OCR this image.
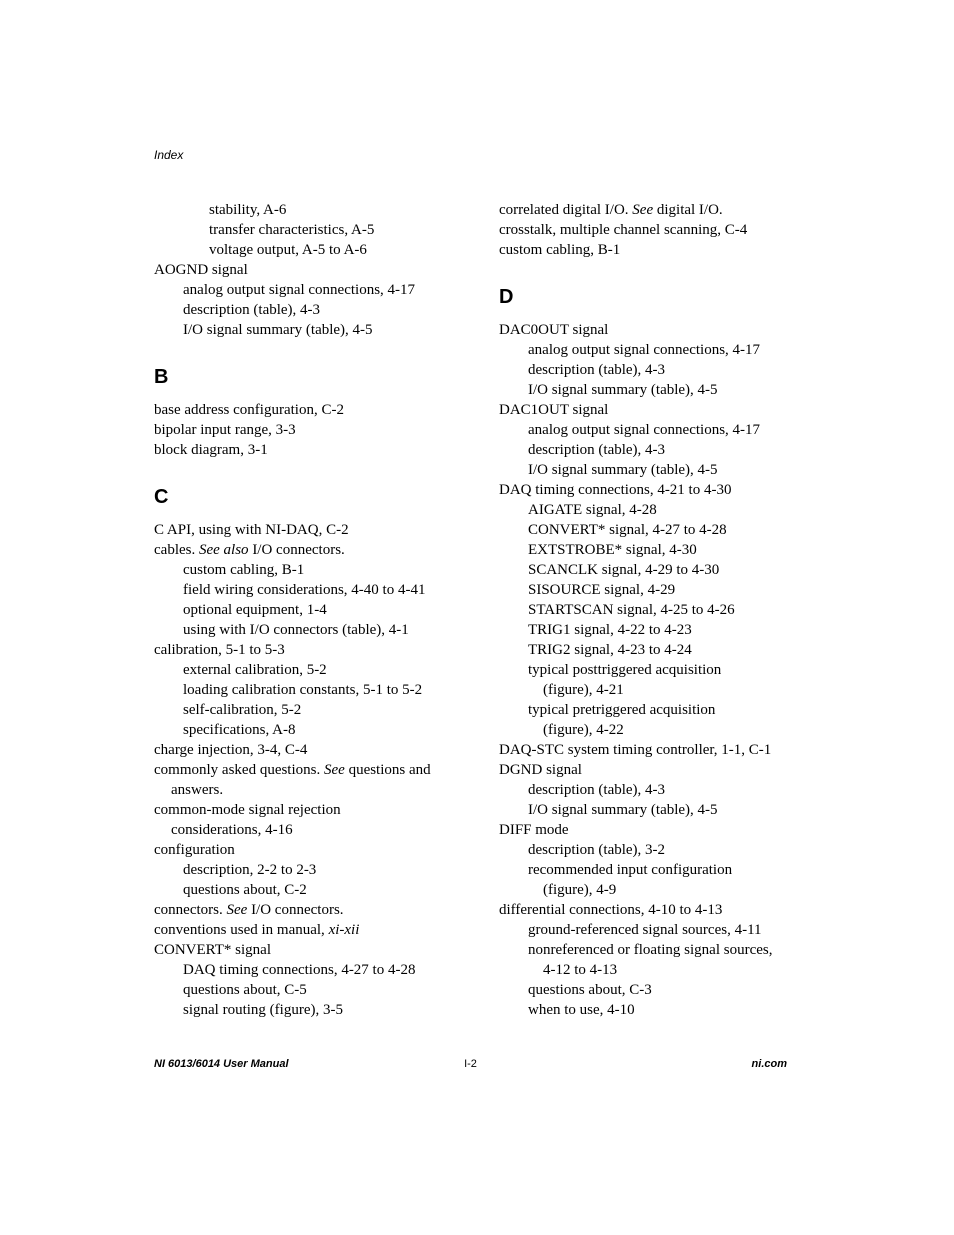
Index
stability, A-6
transfer characteristics, A-5
voltage output, A-5 to A-6
AOGND signal
analog output signal connections, 4-17
description (table), 4-3
I/O signal summary (table), 4-5
B
base address configuration, C-2
bipolar input range, 3-3
block diagram, 3-1
C
C API, using with NI-DAQ, C-2
cables. See also I/O connectors.
custom cabling, B-1
field wiring considerations, 4-40 to 4-41
optional equipment, 1-4
using with I/O connectors (table), 4-1
calibration, 5-1 to 5-3
external calibration, 5-2
loading calibration constants, 5-1 to 5-2
self-calibration, 5-2
specifications, A-8
charge injection, 3-4, C-4
commonly asked questions. See questions and
answers.
common-mode signal rejection
considerations, 4-16
configuration
description, 2-2 to 2-3
questions about, C-2
connectors. See I/O connectors.
conventions used in manual, xi-xii
CONVERT* signal
DAQ timing connections, 4-27 to 4-28
questions about, C-5
signal routing (figure), 3-5
correlated digital I/O. See digital I/O.
crosstalk, multiple channel scanning, C-4
custom cabling, B-1
D
DAC0OUT signal
analog output signal connections, 4-17
description (table), 4-3
I/O signal summary (table), 4-5
DAC1OUT signal
analog output signal connections, 4-17
description (table), 4-3
I/O signal summary (table), 4-5
DAQ timing connections, 4-21 to 4-30
AIGATE signal, 4-28
CONVERT* signal, 4-27 to 4-28
EXTSTROBE* signal, 4-30
SCANCLK signal, 4-29 to 4-30
SISOURCE signal, 4-29
STARTSCAN signal, 4-25 to 4-26
TRIG1 signal, 4-22 to 4-23
TRIG2 signal, 4-23 to 4-24
typical posttriggered acquisition
(figure), 4-21
typical pretriggered acquisition
(figure), 4-22
DAQ-STC system timing controller, 1-1, C-1
DGND signal
description (table), 4-3
I/O signal summary (table), 4-5
DIFF mode
description (table), 3-2
recommended input configuration
(figure), 4-9
differential connections, 4-10 to 4-13
ground-referenced signal sources, 4-11
nonreferenced or floating signal sources,
4-12 to 4-13
questions about, C-3
when to use, 4-10
NI 6013/6014 User Manual	I-2	ni.com
